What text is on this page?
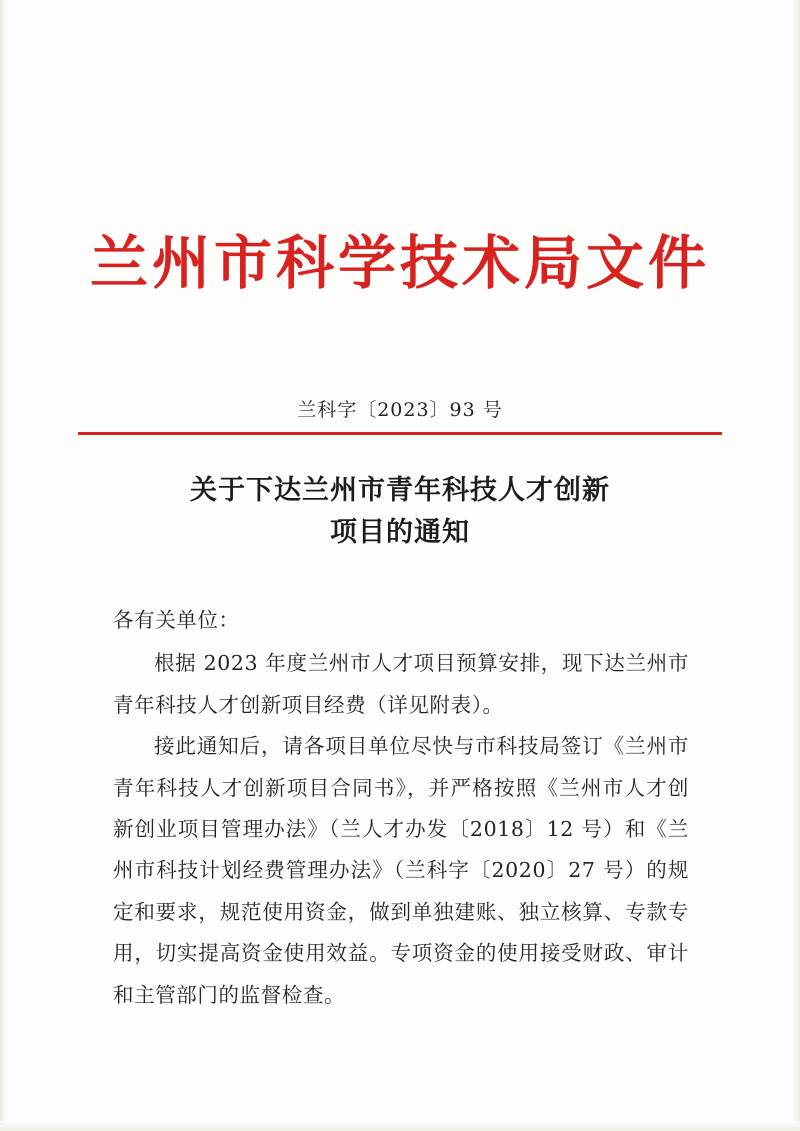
兰州市科学技术局文件
兰科字〔2023〕93 号
关于下达兰州市青年科技人才创新
项目的通知

各有关单位：

根据 2023 年度兰州市人才项目预算安排，现下达兰州市青年科技人才创新项目经费（详见附表）。

接此通知后，请各项目单位尽快与市科技局签订《兰州市青年科技人才创新项目合同书》，并严格按照《兰州市人才创新创业项目管理办法》（兰人才办发〔2018〕12 号）和《兰州市科技计划经费管理办法》（兰科字〔2020〕27 号）的规定和要求，规范使用资金，做到单独建账、独立核算、专款专用，切实提高资金使用效益。专项资金的使用接受财政、审计和主管部门的监督检查。
